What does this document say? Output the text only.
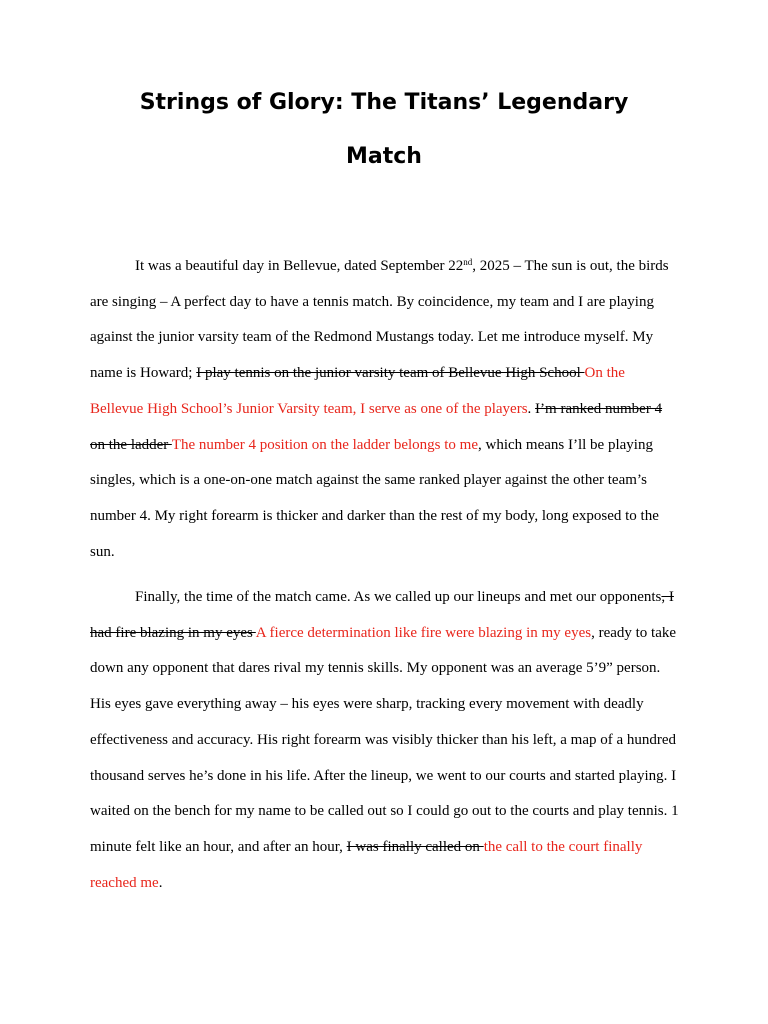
Strings of Glory: The Titans’ Legendary
Match

It was a beautiful day in Bellevue, dated September 22nd, 2025 – The sun is out, the birds are singing – A perfect day to have a tennis match. By coincidence, my team and I are playing against the junior varsity team of the Redmond Mustangs today. Let me introduce myself. My name is Howard; I play tennis on the junior varsity team of Bellevue High School On the Bellevue High School’s Junior Varsity team, I serve as one of the players. I’m ranked number 4 on the ladder The number 4 position on the ladder belongs to me, which means I’ll be playing singles, which is a one-on-one match against the same ranked player against the other team’s number 4. My right forearm is thicker and darker than the rest of my body, long exposed to the sun.

Finally, the time of the match came. As we called up our lineups and met our opponents, I had fire blazing in my eyes A fierce determination like fire were blazing in my eyes, ready to take down any opponent that dares rival my tennis skills. My opponent was an average 5’9” person. His eyes gave everything away – his eyes were sharp, tracking every movement with deadly effectiveness and accuracy. His right forearm was visibly thicker than his left, a map of a hundred thousand serves he’s done in his life. After the lineup, we went to our courts and started playing. I waited on the bench for my name to be called out so I could go out to the courts and play tennis. 1 minute felt like an hour, and after an hour, I was finally called on the call to the court finally reached me.
